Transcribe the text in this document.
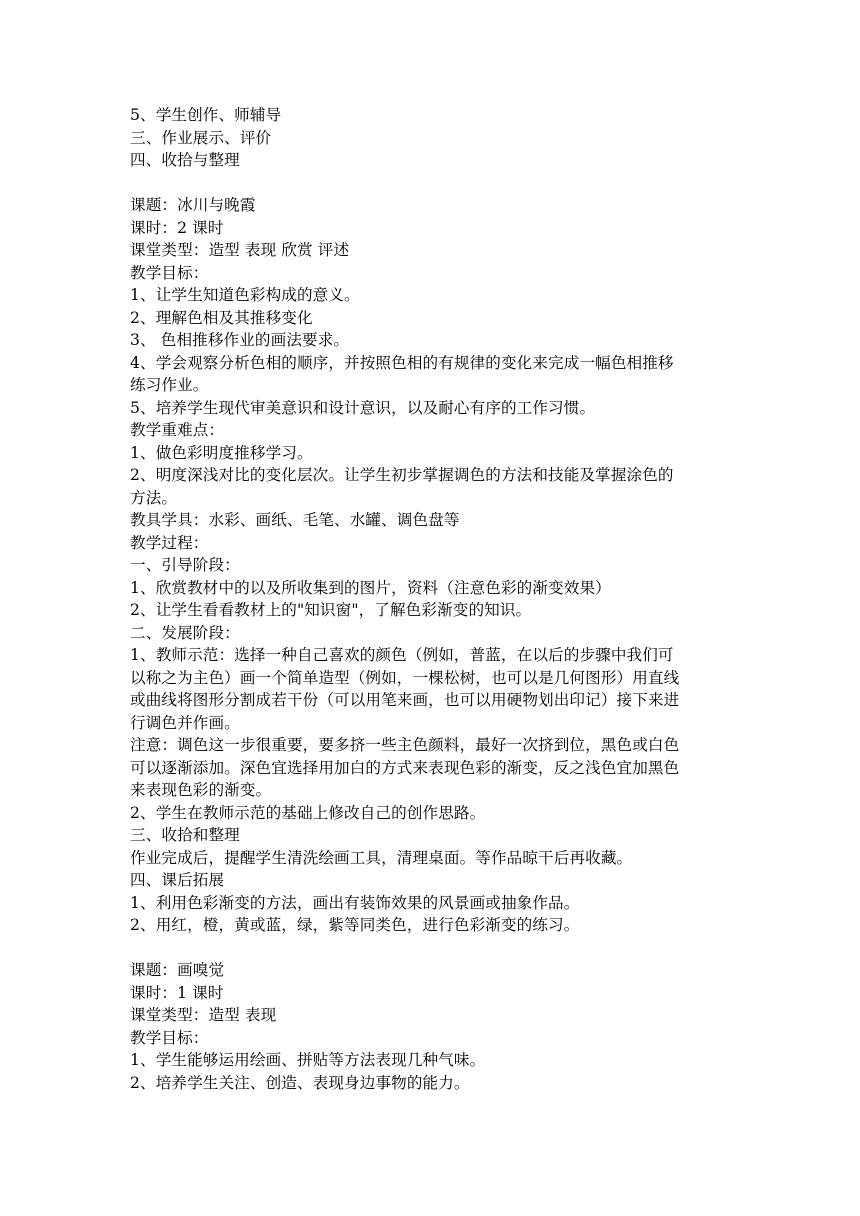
5、学生创作、师辅导
三、作业展示、评价
四、收拾与整理
课题：冰川与晚霞
课时：2 课时
课堂类型：造型 表现 欣赏 评述
教学目标：
1、让学生知道色彩构成的意义。
2、理解色相及其推移变化
3、 色相推移作业的画法要求。
4、学会观察分析色相的顺序，并按照色相的有规律的变化来完成一幅色相推移
练习作业。
5、培养学生现代审美意识和设计意识，以及耐心有序的工作习惯。
教学重难点：
1、做色彩明度推移学习。
2、明度深浅对比的变化层次。让学生初步掌握调色的方法和技能及掌握涂色的
方法。
教具学具：水彩、画纸、毛笔、水罐、调色盘等
教学过程：
一、引导阶段：
1、欣赏教材中的以及所收集到的图片，资料（注意色彩的渐变效果）
2、让学生看看教材上的"知识窗"，了解色彩渐变的知识。
二、发展阶段：
1、教师示范：选择一种自己喜欢的颜色（例如，普蓝，在以后的步骤中我们可
以称之为主色）画一个简单造型（例如，一棵松树，也可以是几何图形）用直线
或曲线将图形分割成若干份（可以用笔来画，也可以用硬物划出印记）接下来进
行调色并作画。
注意：调色这一步很重要，要多挤一些主色颜料，最好一次挤到位，黑色或白色
可以逐渐添加。深色宜选择用加白的方式来表现色彩的渐变，反之浅色宜加黑色
来表现色彩的渐变。
2、学生在教师示范的基础上修改自己的创作思路。
三、收拾和整理
作业完成后，提醒学生清洗绘画工具，清理桌面。等作品晾干后再收藏。
四、课后拓展
1、利用色彩渐变的方法，画出有装饰效果的风景画或抽象作品。
2、用红，橙，黄或蓝，绿，紫等同类色，进行色彩渐变的练习。
课题：画嗅觉
课时：1 课时
课堂类型：造型 表现
教学目标：
1、学生能够运用绘画、拼贴等方法表现几种气味。
2、培养学生关注、创造、表现身边事物的能力。
